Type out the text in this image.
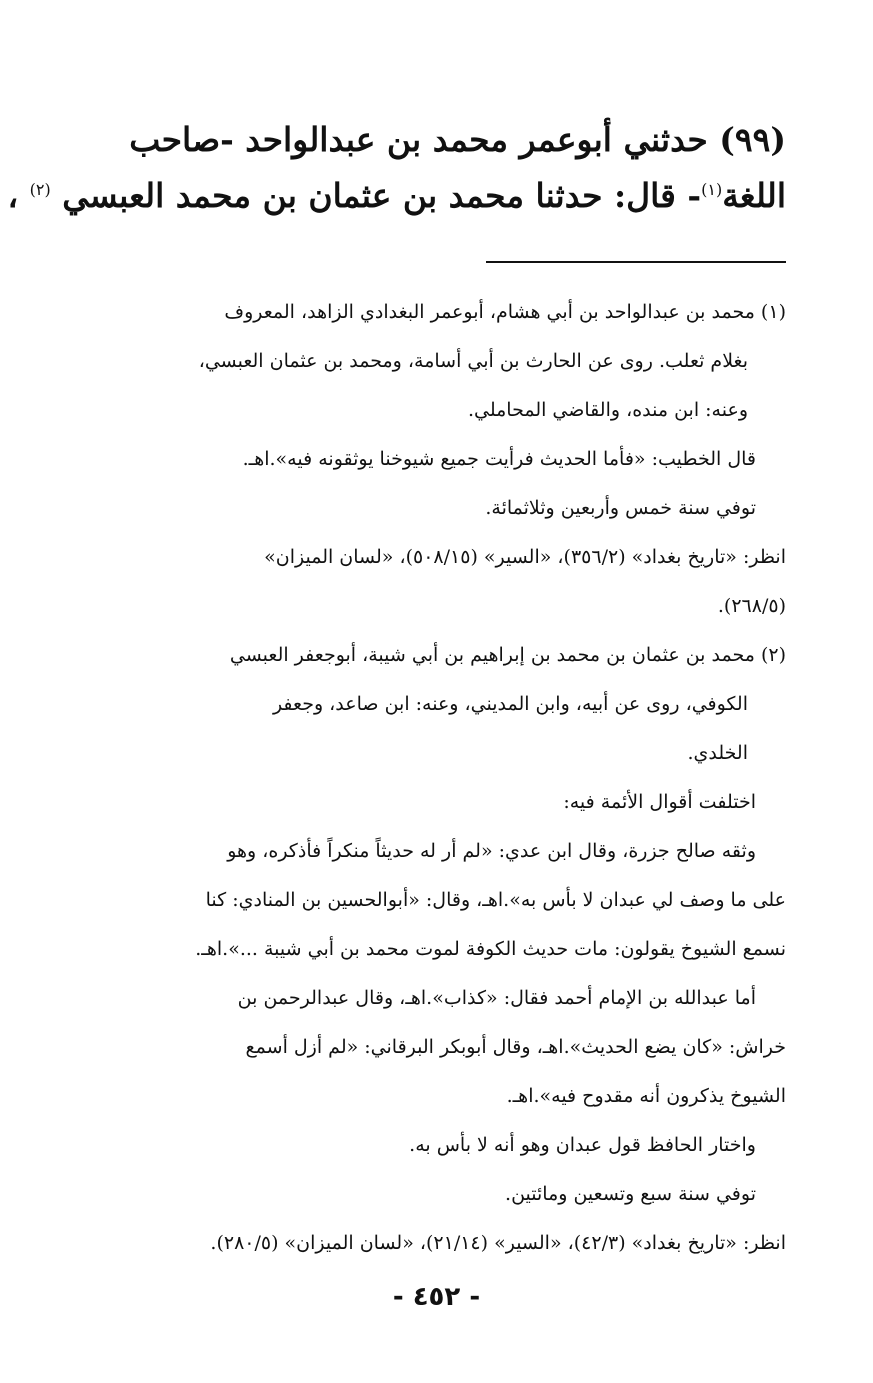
(٩٩) حدثني أبوعمر محمد بن عبدالواحد -صاحب
اللغة$^{(١)}$- قال: حدثنا محمد بن عثمان بن محمد العبسي $^{(٢)}$ ،
(١) محمد بن عبدالواحد بن أبي هشام، أبوعمر البغدادي الزاهد، المعروف
بغلام ثعلب. روى عن الحارث بن أبي أسامة، ومحمد بن عثمان العبسي،
وعنه: ابن منده، والقاضي المحاملي.
قال الخطيب: «فأما الحديث فرأيت جميع شيوخنا يوثقونه فيه».اهـ.
توفي سنة خمس وأربعين وثلاثمائة.
انظر: «تاريخ بغداد» (٣٥٦/٢)، «السير» (٥٠٨/١٥)، «لسان الميزان»
(٢٦٨/٥).
(٢) محمد بن عثمان بن محمد بن إبراهيم بن أبي شيبة، أبوجعفر العبسي
الكوفي، روى عن أبيه، وابن المديني، وعنه: ابن صاعد، وجعفر
الخلدي.
اختلفت أقوال الأئمة فيه:
وثقه صالح جزرة، وقال ابن عدي: «لم أر له حديثاً منكراً فأذكره، وهو
على ما وصف لي عبدان لا بأس به».اهـ، وقال: «أبوالحسين بن المنادي: كنا
نسمع الشيوخ يقولون: مات حديث الكوفة لموت محمد بن أبي شيبة ...».اهـ.
أما عبدالله بن الإمام أحمد فقال: «كذاب».اهـ، وقال عبدالرحمن بن
خراش: «كان يضع الحديث».اهـ، وقال أبوبكر البرقاني: «لم أزل أسمع
الشيوخ يذكرون أنه مقدوح فيه».اهـ.
واختار الحافظ قول عبدان وهو أنه لا بأس به.
توفي سنة سبع وتسعين ومائتين.
انظر: «تاريخ بغداد» (٤٢/٣)، «السير» (٢١/١٤)، «لسان الميزان» (٢٨٠/٥).
- ٤٥٢ -
